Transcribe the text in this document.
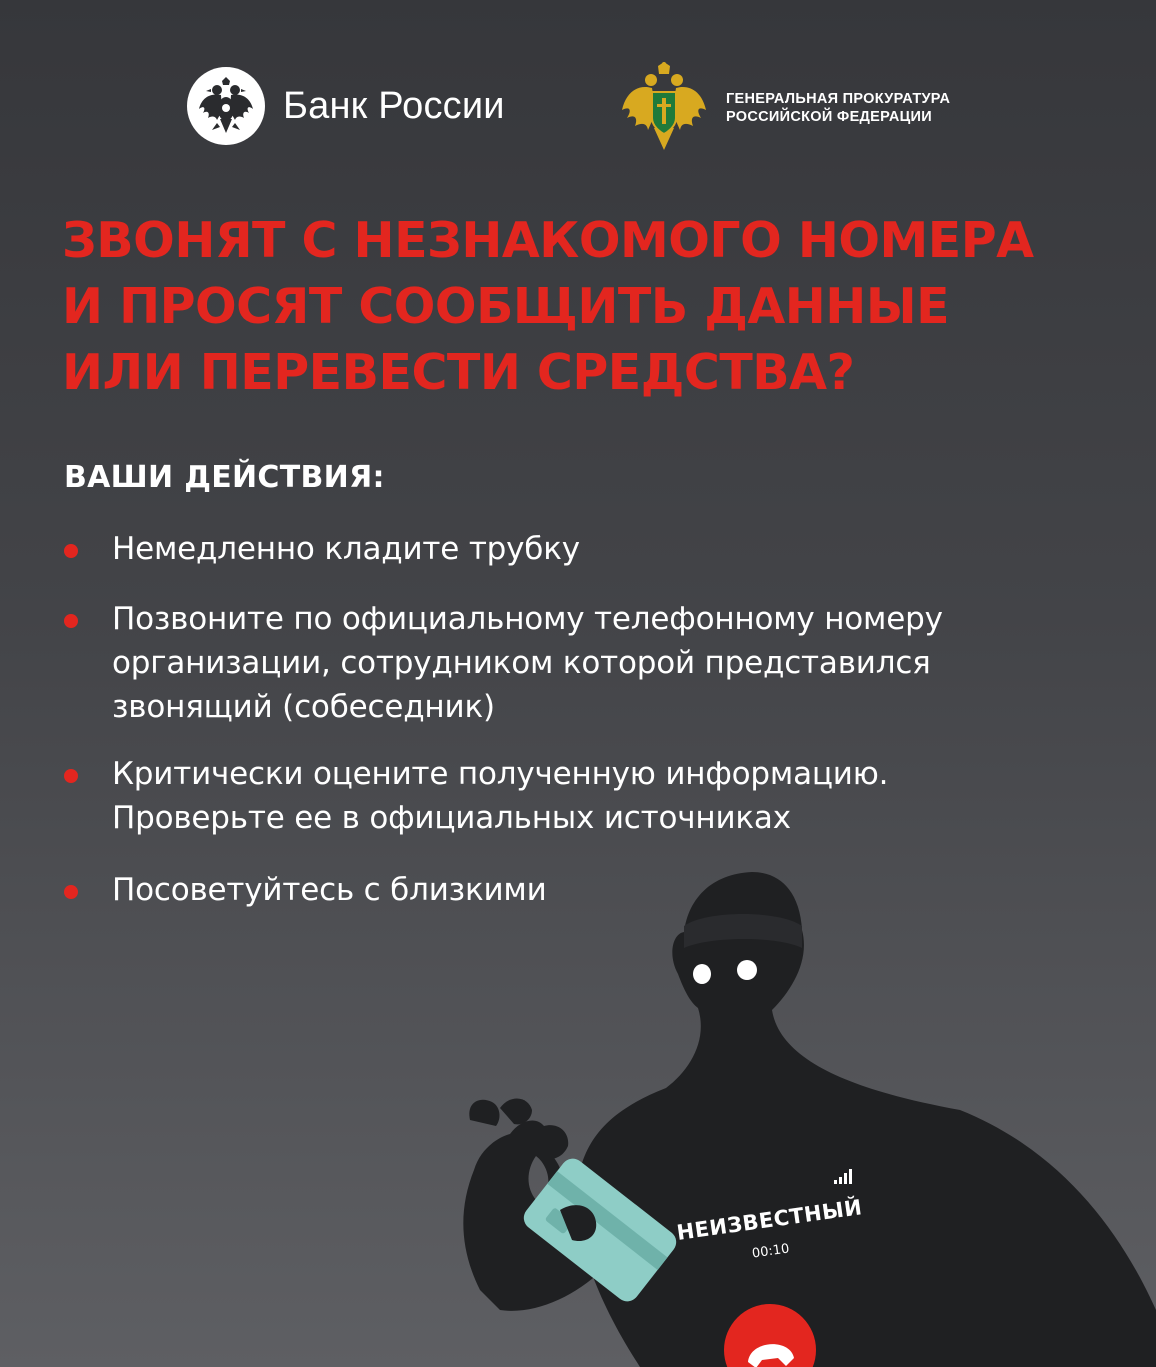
Банк России	ГЕНЕРАЛЬНАЯ ПРОКУРАТУРА
РОССИЙСКОЙ ФЕДЕРАЦИИ
ЗВОНЯТ С НЕЗНАКОМОГО НОМЕРА
И ПРОСЯТ СООБЩИТЬ ДАННЫЕ
ИЛИ ПЕРЕВЕСТИ СРЕДСТВА?
ВАШИ ДЕЙСТВИЯ:
Немедленно кладите трубку
Позвоните по официальному телефонному номеру
организации, сотрудником которой представился
звонящий (собеседник)
Критически оцените полученную информацию.
Проверьте ее в официальных источниках
Посоветуйтесь с близкими
НЕИЗВЕСТНЫЙ
00:10
